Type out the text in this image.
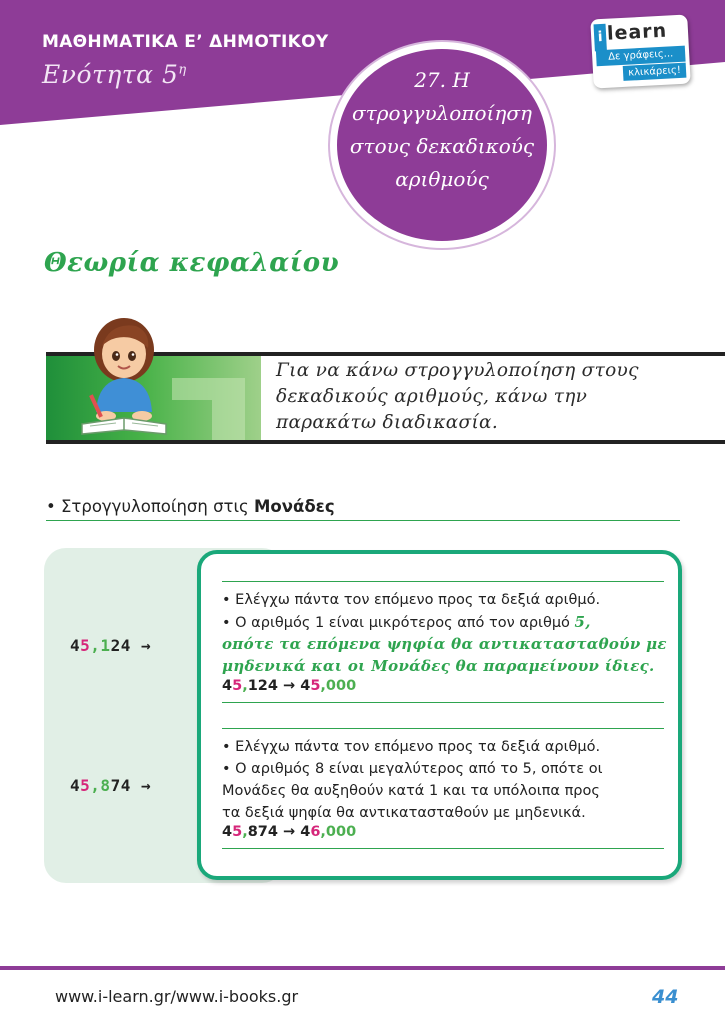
ΜΑΘΗΜΑΤΙΚΑ Ε’ ΔΗΜΟΤΙΚΟΥ
Ενότητα $5^\eta$	27. Η
στρογγυλοποίηση
στους δεκαδικούς
αριθμούς
i learn
Δε γράφεις...
κλικάρεις!
Θεωρία κεφαλαίου
Για να κάνω στρογγυλοποίηση στους
δεκαδικούς αριθμούς, κάνω την
παρακάτω διαδικασία.
• Στρογγυλοποίηση στις Μονάδες
45,124 →
• Ελέγχω πάντα τον επόμενο προς τα δεξιά αριθμό.
• Ο αριθμός 1 είναι μικρότερος από τον αριθμό 5,
οπότε τα επόμενα ψηφία θα αντικατασταθούν με
μηδενικά και οι Μονάδες θα παραμείνουν ίδιες.
45,124 → 45,000
45,874 →
• Ελέγχω πάντα τον επόμενο προς τα δεξιά αριθμό.
• Ο αριθμός 8 είναι μεγαλύτερος από το 5, οπότε οι
Μονάδες θα αυξηθούν κατά 1 και τα υπόλοιπα προς
τα δεξιά ψηφία θα αντικατασταθούν με μηδενικά.
45,874 → 46,000
www.i-learn.gr/www.i-books.gr	44
